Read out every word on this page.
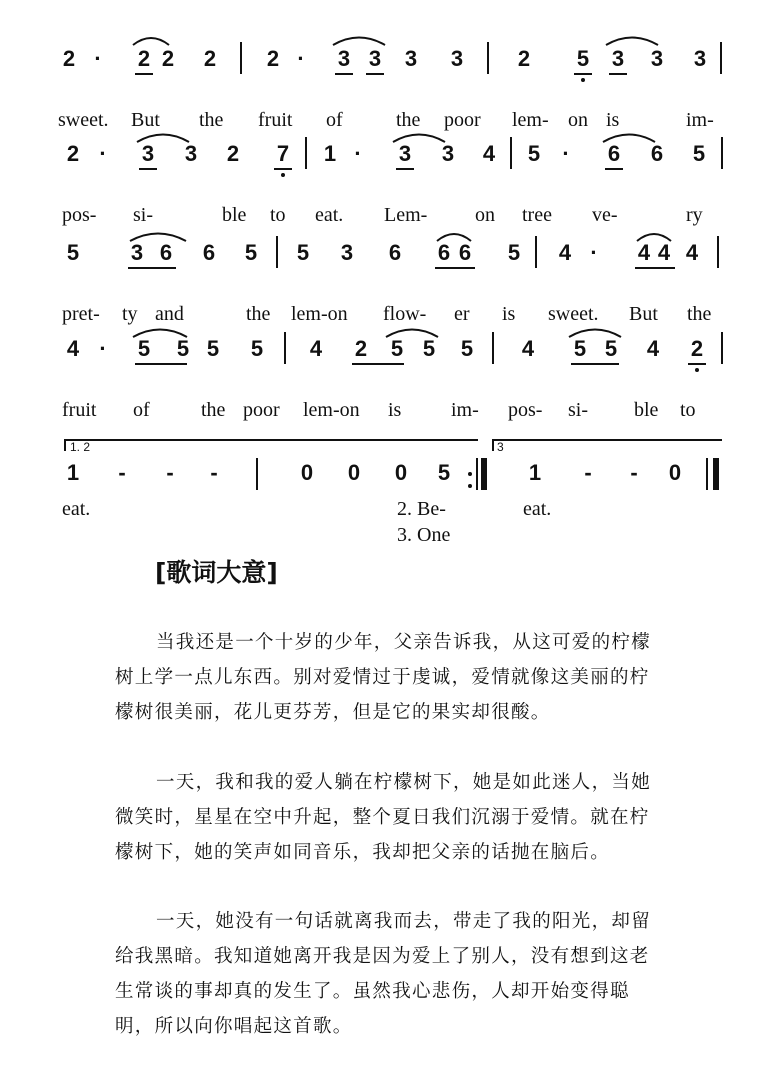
2 ·	2 2 2 2 ·	3 3 3 3 2 5 3 3 3
sweet. But the fruit of	the poor lem- on is	im-
2 ·	3 3 2 7 1 ·	3 3 4 5	·	6 6 5
pos- si-	ble to eat. Lem- on tree ve-	ry
5 3 6 6 5 5 3 6 6 6 5 4 ·	4 4 4
pret- ty and	the lem-on flow- er is sweet. But the
4 ·	5 5 5 5 4 2 5 5 5 4 5 5 4 2
fruit of	the poor lem-on is im- pos- si- ble to
1. 2	3
1	-	-	-	0 0 0 5	1	-	-	0
eat.	2. Be-	eat.
3. One
[歌词大意]

当我还是一个十岁的少年，父亲告诉我，从这可爱的柠檬树上学一点儿东西。别对爱情过于虔诚，爱情就像这美丽的柠檬树很美丽，花儿更芬芳，但是它的果实却很酸。

一天，我和我的爱人躺在柠檬树下，她是如此迷人，当她微笑时，星星在空中升起，整个夏日我们沉溺于爱情。就在柠檬树下，她的笑声如同音乐，我却把父亲的话抛在脑后。

一天，她没有一句话就离我而去，带走了我的阳光，却留给我黑暗。我知道她离开我是因为爱上了别人，没有想到这老生常谈的事却真的发生了。虽然我心悲伤，人却开始变得聪明，所以向你唱起这首歌。
